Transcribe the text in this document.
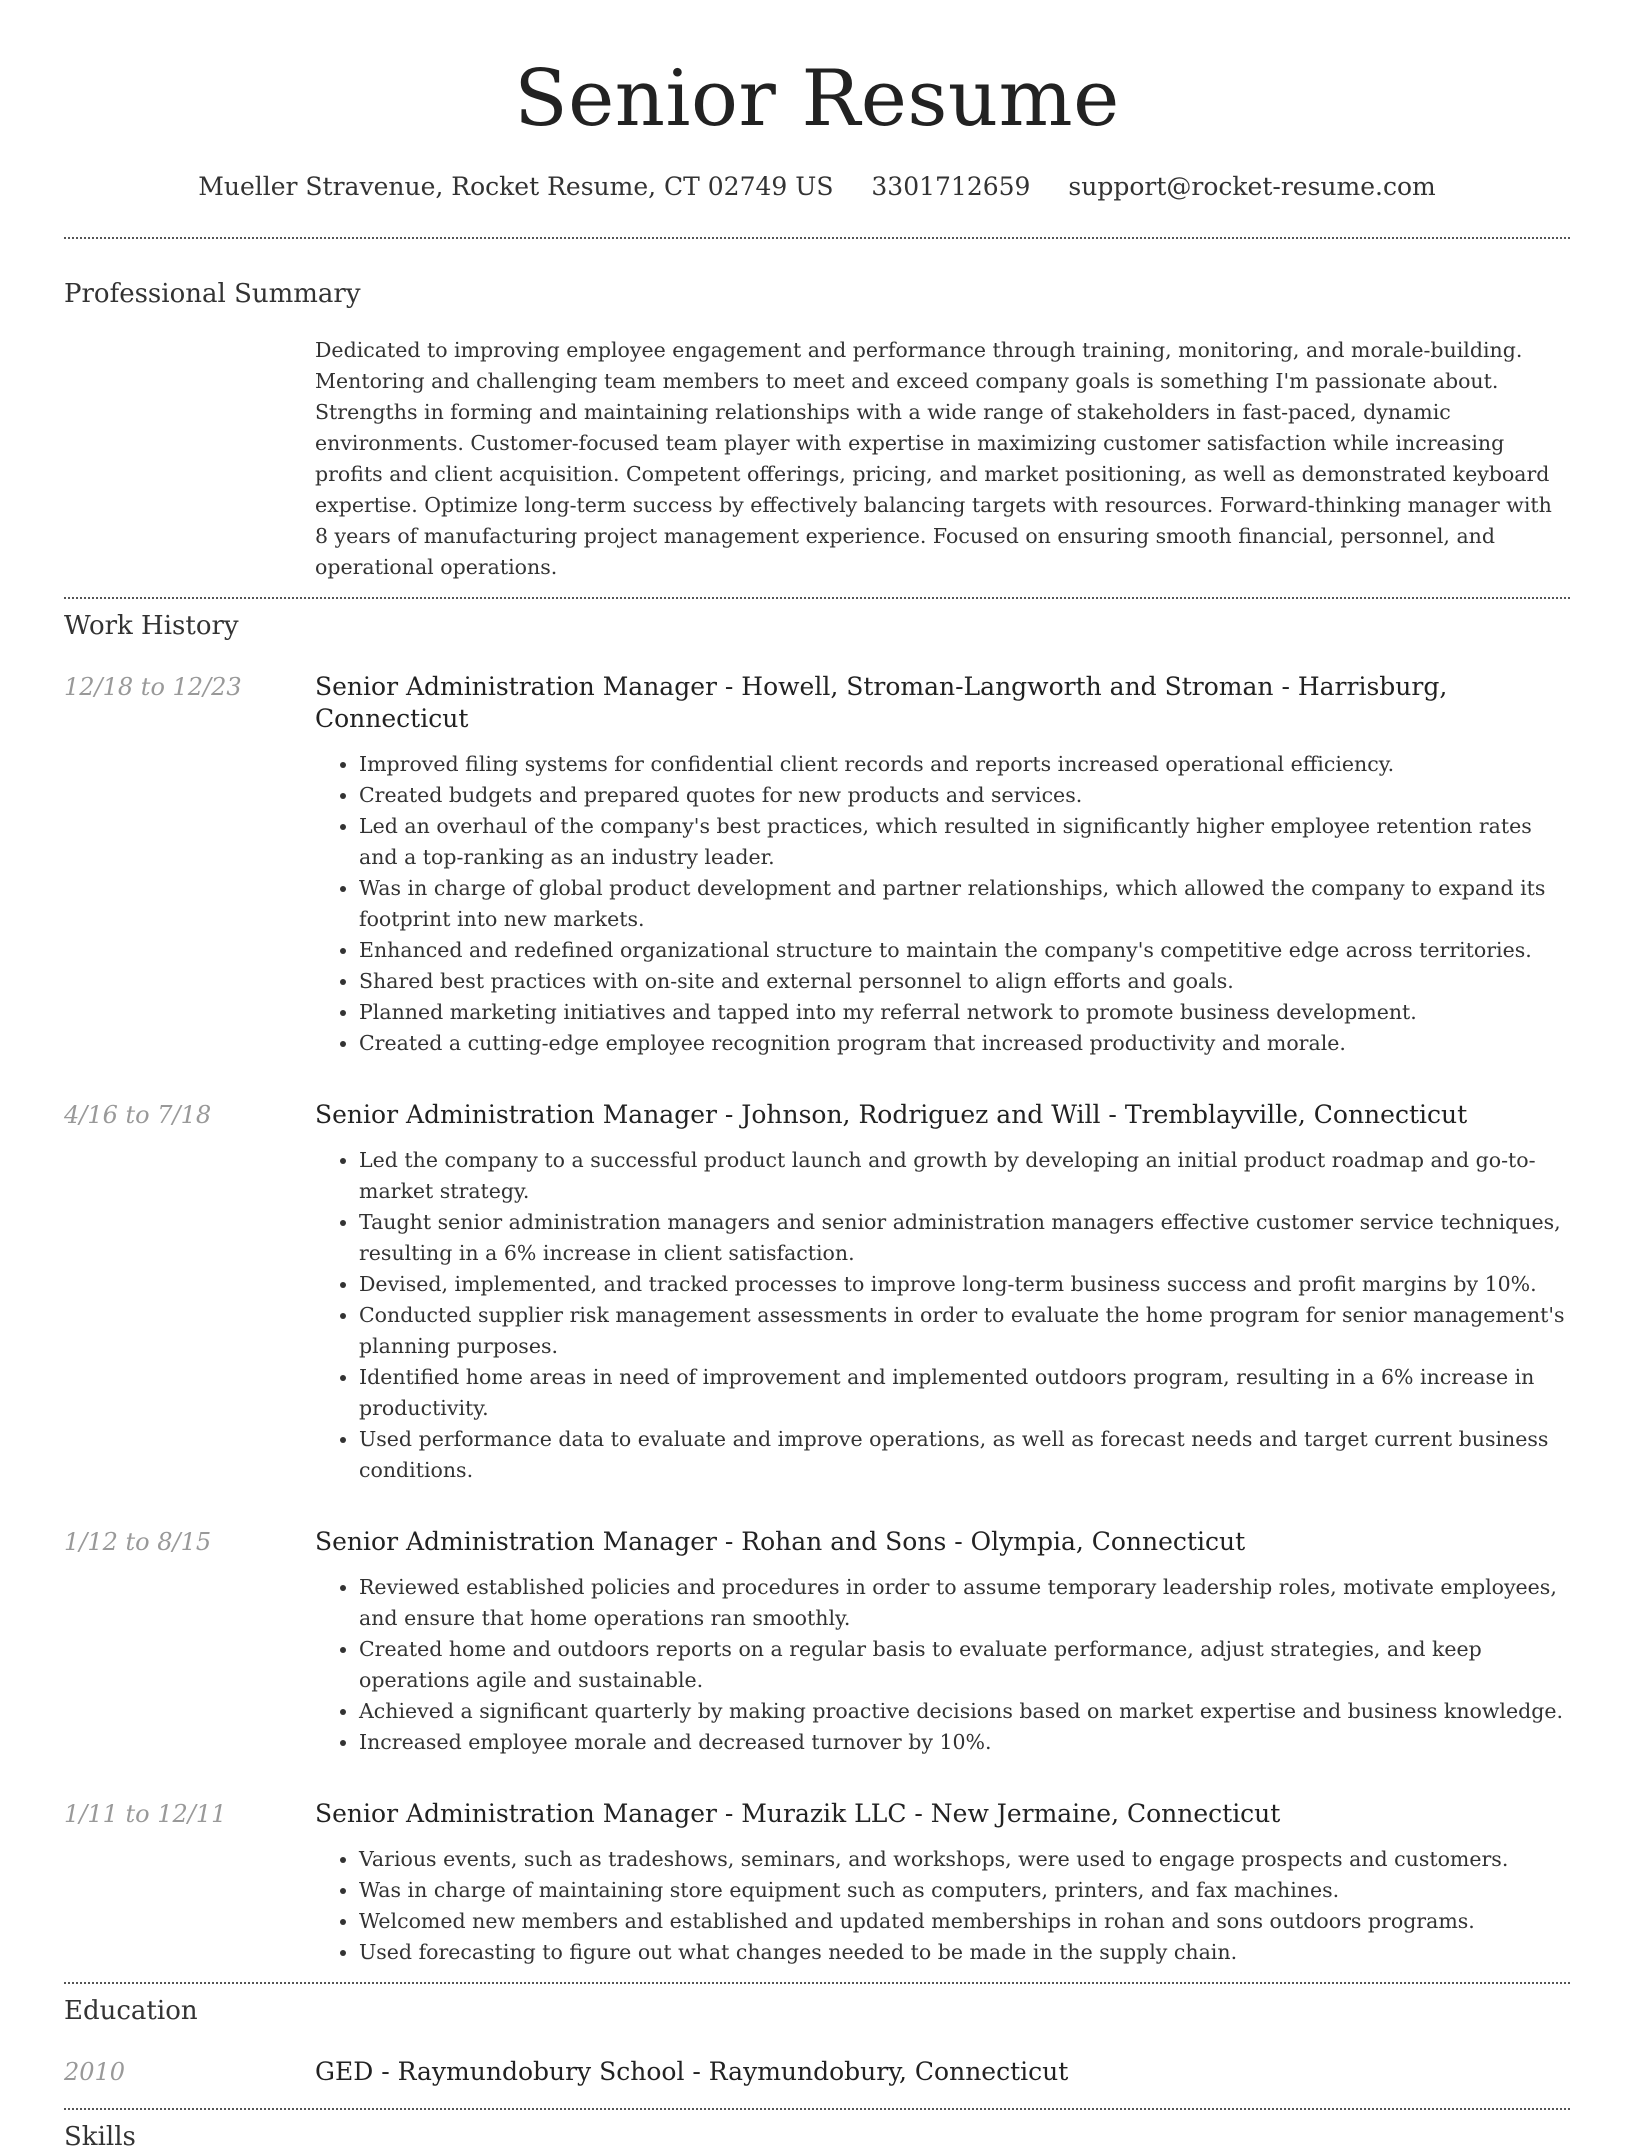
Senior Resume
Mueller Stravenue, Rocket Resume, CT 02749 US 3301712659 support@rocket-resume.com
Professional Summary
Dedicated to improving employee engagement and performance through training, monitoring, and morale-building. Mentoring and challenging team members to meet and exceed company goals is something I'm passionate about. Strengths in forming and maintaining relationships with a wide range of stakeholders in fast-paced, dynamic environments. Customer-focused team player with expertise in maximizing customer satisfaction while increasing profits and client acquisition. Competent offerings, pricing, and market positioning, as well as demonstrated keyboard expertise. Optimize long-term success by effectively balancing targets with resources. Forward-thinking manager with 8 years of manufacturing project management experience. Focused on ensuring smooth financial, personnel, and operational operations.
Work History
12/18 to 12/23	Senior Administration Manager - Howell, Stroman-Langworth and Stroman - Harrisburg, Connecticut
• Improved filing systems for confidential client records and reports increased operational efficiency.
• Created budgets and prepared quotes for new products and services.
• Led an overhaul of the company's best practices, which resulted in significantly higher employee retention rates and a top-ranking as an industry leader.
• Was in charge of global product development and partner relationships, which allowed the company to expand its footprint into new markets.
• Enhanced and redefined organizational structure to maintain the company's competitive edge across territories.
• Shared best practices with on-site and external personnel to align efforts and goals.
• Planned marketing initiatives and tapped into my referral network to promote business development.
• Created a cutting-edge employee recognition program that increased productivity and morale.
4/16 to 7/18	Senior Administration Manager - Johnson, Rodriguez and Will - Tremblayville, Connecticut
• Led the company to a successful product launch and growth by developing an initial product roadmap and go-to-market strategy.
• Taught senior administration managers and senior administration managers effective customer service techniques, resulting in a 6% increase in client satisfaction.
• Devised, implemented, and tracked processes to improve long-term business success and profit margins by 10%.
• Conducted supplier risk management assessments in order to evaluate the home program for senior management's planning purposes.
• Identified home areas in need of improvement and implemented outdoors program, resulting in a 6% increase in productivity.
• Used performance data to evaluate and improve operations, as well as forecast needs and target current business conditions.
1/12 to 8/15	Senior Administration Manager - Rohan and Sons - Olympia, Connecticut
• Reviewed established policies and procedures in order to assume temporary leadership roles, motivate employees, and ensure that home operations ran smoothly.
• Created home and outdoors reports on a regular basis to evaluate performance, adjust strategies, and keep operations agile and sustainable.
• Achieved a significant quarterly by making proactive decisions based on market expertise and business knowledge.
• Increased employee morale and decreased turnover by 10%.
1/11 to 12/11	Senior Administration Manager - Murazik LLC - New Jermaine, Connecticut
• Various events, such as tradeshows, seminars, and workshops, were used to engage prospects and customers.
• Was in charge of maintaining store equipment such as computers, printers, and fax machines.
• Welcomed new members and established and updated memberships in rohan and sons outdoors programs.
• Used forecasting to figure out what changes needed to be made in the supply chain.
Education
2010	GED - Raymundobury School - Raymundobury, Connecticut
Skills
